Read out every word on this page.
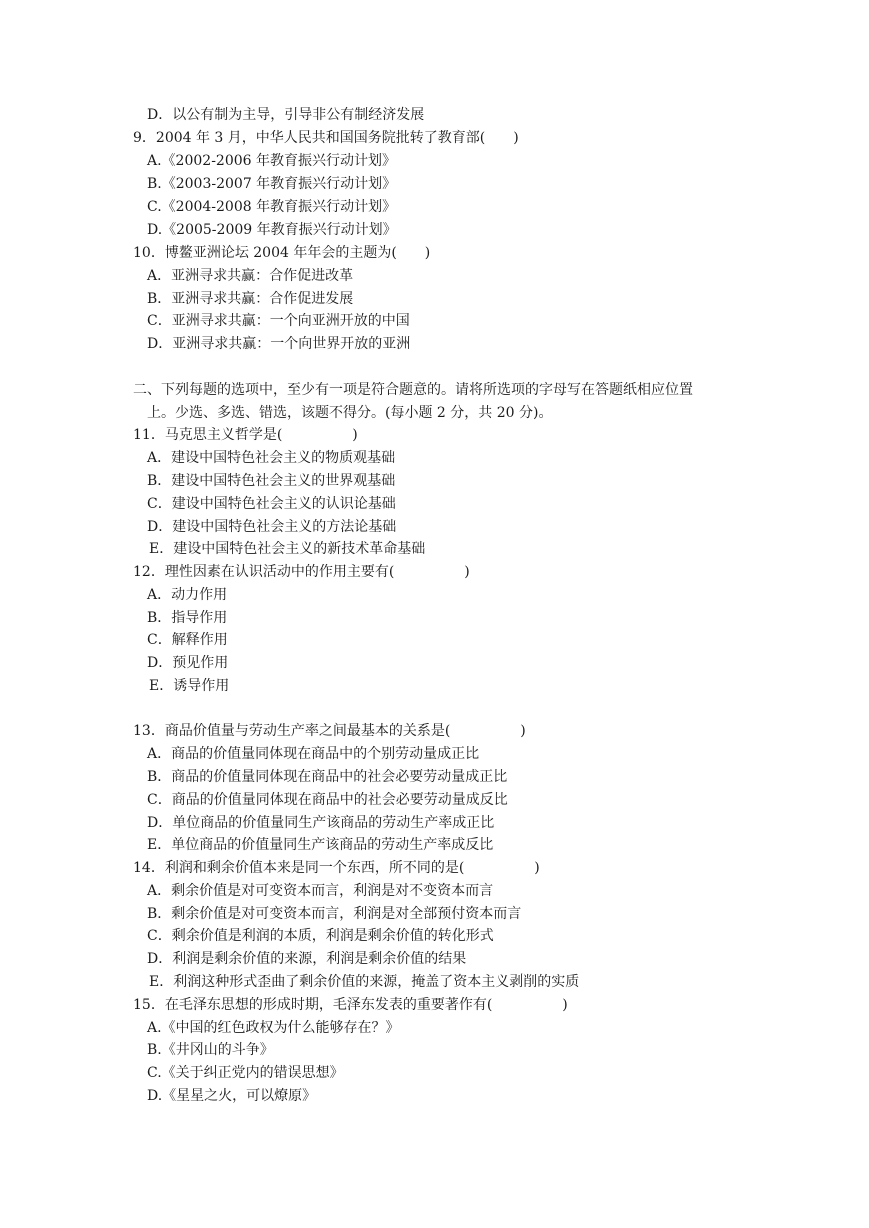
D．以公有制为主导，引导非公有制经济发展
9．2004 年 3 月，中华人民共和国国务院批转了教育部(　　)
A.《2002-2006 年教育振兴行动计划》
B.《2003-2007 年教育振兴行动计划》
C.《2004-2008 年教育振兴行动计划》
D.《2005-2009 年教育振兴行动计划》
10．博鳌亚洲论坛 2004 年年会的主题为(　　)
A．亚洲寻求共赢：合作促进改革
B．亚洲寻求共赢：合作促进发展
C．亚洲寻求共赢：一个向亚洲开放的中国
D．亚洲寻求共赢：一个向世界开放的亚洲
二、下列每题的选项中，至少有一项是符合题意的。请将所选项的字母写在答题纸相应位置
上。少选、多选、错选，该题不得分。(每小题 2 分，共 20 分)。
11．马克思主义哲学是(　　　　　)
A．建设中国特色社会主义的物质观基础
B．建设中国特色社会主义的世界观基础
C．建设中国特色社会主义的认识论基础
D．建设中国特色社会主义的方法论基础
E．建设中国特色社会主义的新技术革命基础
12．理性因素在认识活动中的作用主要有(　　　　　)
A．动力作用
B．指导作用
C．解释作用
D．预见作用
E．诱导作用
13．商品价值量与劳动生产率之间最基本的关系是(　　　　　)
A．商品的价值量同体现在商品中的个别劳动量成正比
B．商品的价值量同体现在商品中的社会必要劳动量成正比
C．商品的价值量同体现在商品中的社会必要劳动量成反比
D．单位商品的价值量同生产该商品的劳动生产率成正比
E．单位商品的价值量同生产该商品的劳动生产率成反比
14．利润和剩余价值本来是同一个东西，所不同的是(　　　　　)
A．剩余价值是对可变资本而言，利润是对不变资本而言
B．剩余价值是对可变资本而言，利润是对全部预付资本而言
C．剩余价值是利润的本质，利润是剩余价值的转化形式
D．利润是剩余价值的来源，利润是剩余价值的结果
E．利润这种形式歪曲了剩余价值的来源，掩盖了资本主义剥削的实质
15．在毛泽东思想的形成时期，毛泽东发表的重要著作有(　　　　　)
A.《中国的红色政权为什么能够存在？》
B.《井冈山的斗争》
C.《关于纠正党内的错误思想》
D.《星星之火，可以燎原》
